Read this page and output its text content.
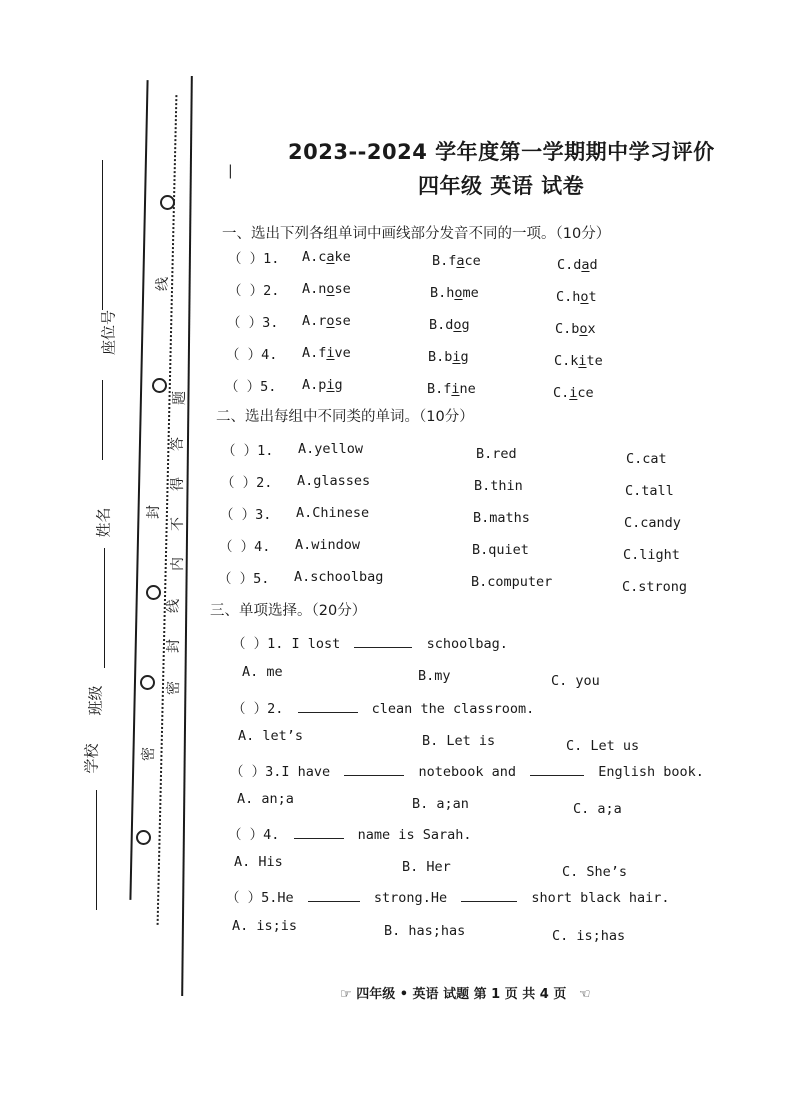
线
封
线
封
密
密
题
答
得
不
内
座位号
姓名
学校
班级
|
2023--2024 学年度第一学期期中学习评价
四年级 英语 试卷
一、选出下列各组单词中画线部分发音不同的一项。（10分）
（ ）1. A.cake	B.face	C.dad
（ ）2. A.nose	B.home	C.hot
（ ）3. A.rose	B.dog	C.box
（ ）4. A.five	B.big	C.kite
（ ）5. A.pig	B.fine	C.ice
二、选出每组中不同类的单词。（10分）
（ ）1. A.yellow	B.red	C.cat
（ ）2. A.glasses	B.thin	C.tall
（ ）3. A.Chinese	B.maths	C.candy
（ ）4. A.window	B.quiet	C.light
（ ）5. A.schoolbag	B.computer	C.strong
三、单项选择。（20分）
（ ）1. I lost	schoolbag.
A. me	B.my	C. you
（ ）2.	clean the classroom.
A. let’s	B. Let is	C. Let us
（ ）3.I have	notebook and	English book.
A. an;a	B. a;an	C. a;a
（ ）4.	name is Sarah.
A. His	B. Her	C. She’s
（ ）5.He	strong.He	short black hair.
A. is;is	B. has;has	C. is;has
☞ 四年级 • 英语 试题 第 1 页 共 4 页 ☜
